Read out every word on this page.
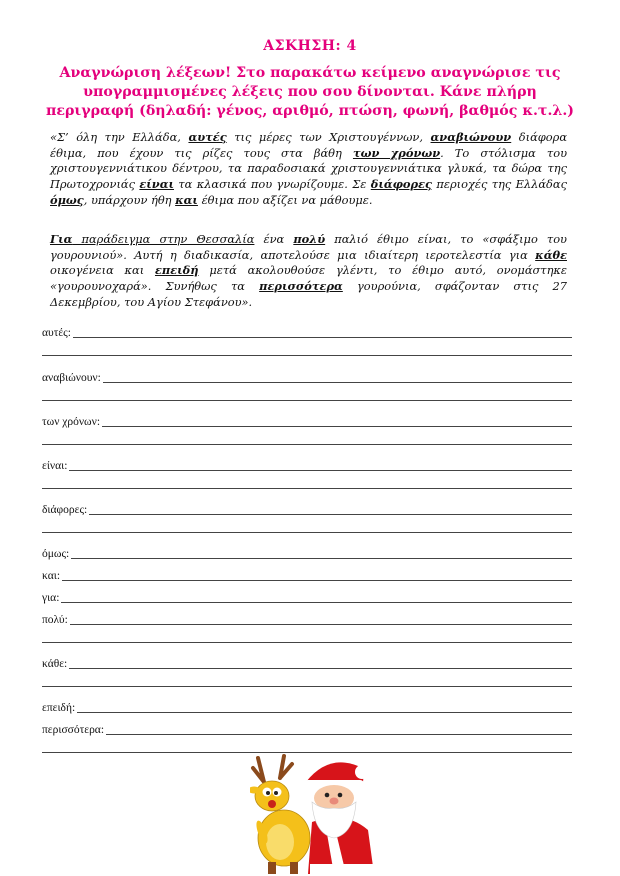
ΑΣΚΗΣΗ: 4
Αναγνώριση λέξεων! Στο παρακάτω κείμενο αναγνώρισε τις
υπογραμμισμένες λέξεις που σου δίνονται. Κάνε πλήρη
περιγραφή (δηλαδή: γένος, αριθμό, πτώση, φωνή, βαθμός κ.τ.λ.)
«Σ’ όλη την Ελλάδα, αυτές τις μέρες των Χριστουγέννων, αναβιώνουν διάφορα έθιμα, που έχουν τις ρίζες τους στα βάθη των χρόνων. Το στόλισμα του χριστουγεννιάτικου δέντρου, τα παραδοσιακά χριστουγεννιάτικα γλυκά, τα δώρα της Πρωτοχρονιάς είναι τα κλασικά που γνωρίζουμε. Σε διάφορες περιοχές της Ελλάδας όμως, υπάρχουν ήθη και έθιμα που αξίζει να μάθουμε.
Για παράδειγμα στην Θεσσαλία ένα πολύ παλιό έθιμο είναι, το «σφάξιμο του γουρουνιού». Αυτή η διαδικασία, αποτελούσε μια ιδιαίτερη ιεροτελεστία για κάθε οικογένεια και επειδή μετά ακολουθούσε γλέντι, το έθιμο αυτό, ονομάστηκε «γουρουνοχαρά». Συνήθως τα περισσότερα γουρούνια, σφάζονταν στις 27 Δεκεμβρίου, του Αγίου Στεφάνου».
αυτές:
αναβιώνουν:
των χρόνων:
είναι:
διάφορες:
όμως:
και:
για:
πολύ:
κάθε:
επειδή:
περισσότερα:
